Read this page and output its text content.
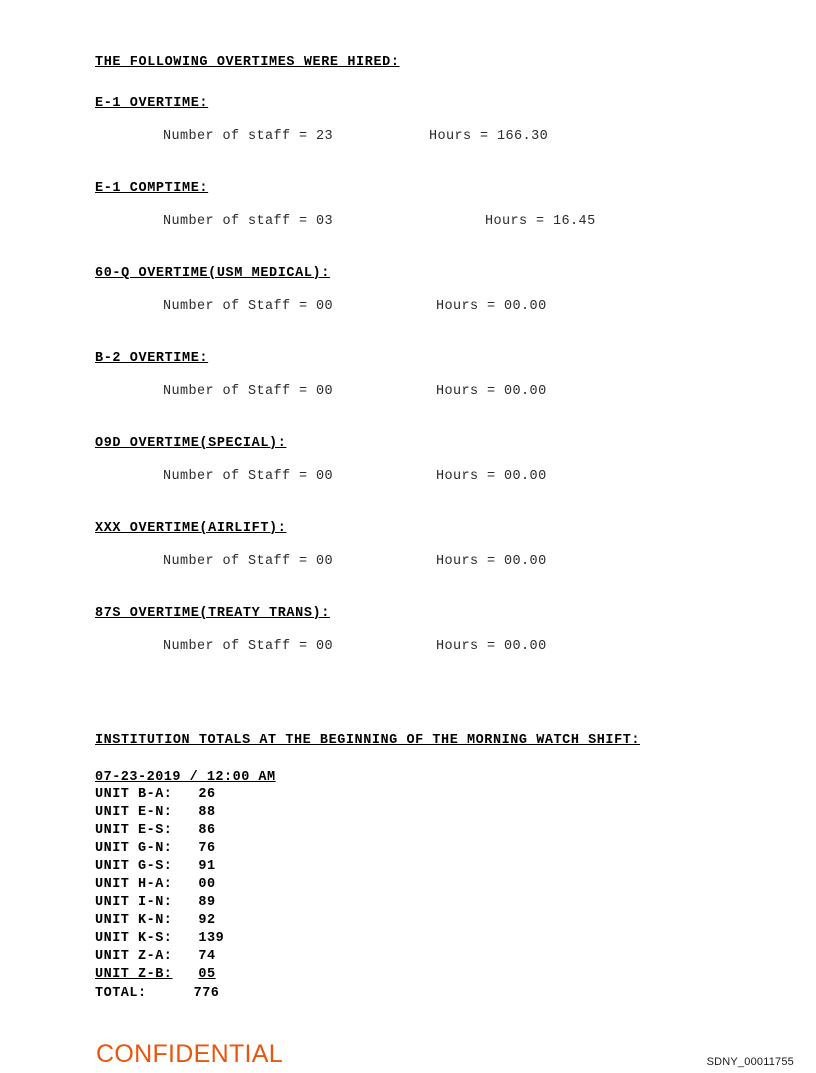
THE FOLLOWING OVERTIMES WERE HIRED:
E-1 OVERTIME:

Number of staff = 23	Hours = 166.30

E-1 COMPTIME:

Number of staff = 03	Hours = 16.45

60-Q OVERTIME(USM MEDICAL):

Number of Staff = 00	Hours = 00.00

B-2 OVERTIME:

Number of Staff = 00	Hours = 00.00

O9D OVERTIME(SPECIAL):

Number of Staff = 00	Hours = 00.00

XXX OVERTIME(AIRLIFT):

Number of Staff = 00	Hours = 00.00

87S OVERTIME(TREATY TRANS):

Number of Staff = 00	Hours = 00.00

INSTITUTION TOTALS AT THE BEGINNING OF THE MORNING WATCH SHIFT:
07-23-2019 / 12:00 AM
UNIT B-A: 26
UNIT E-N: 88
UNIT E-S: 86
UNIT G-N: 76
UNIT G-S: 91
UNIT H-A: 00
UNIT I-N: 89
UNIT K-N: 92
UNIT K-S: 139
UNIT Z-A: 74
UNIT Z-B: 05
TOTAL:	776
CONFIDENTIAL	SDNY_00011755
